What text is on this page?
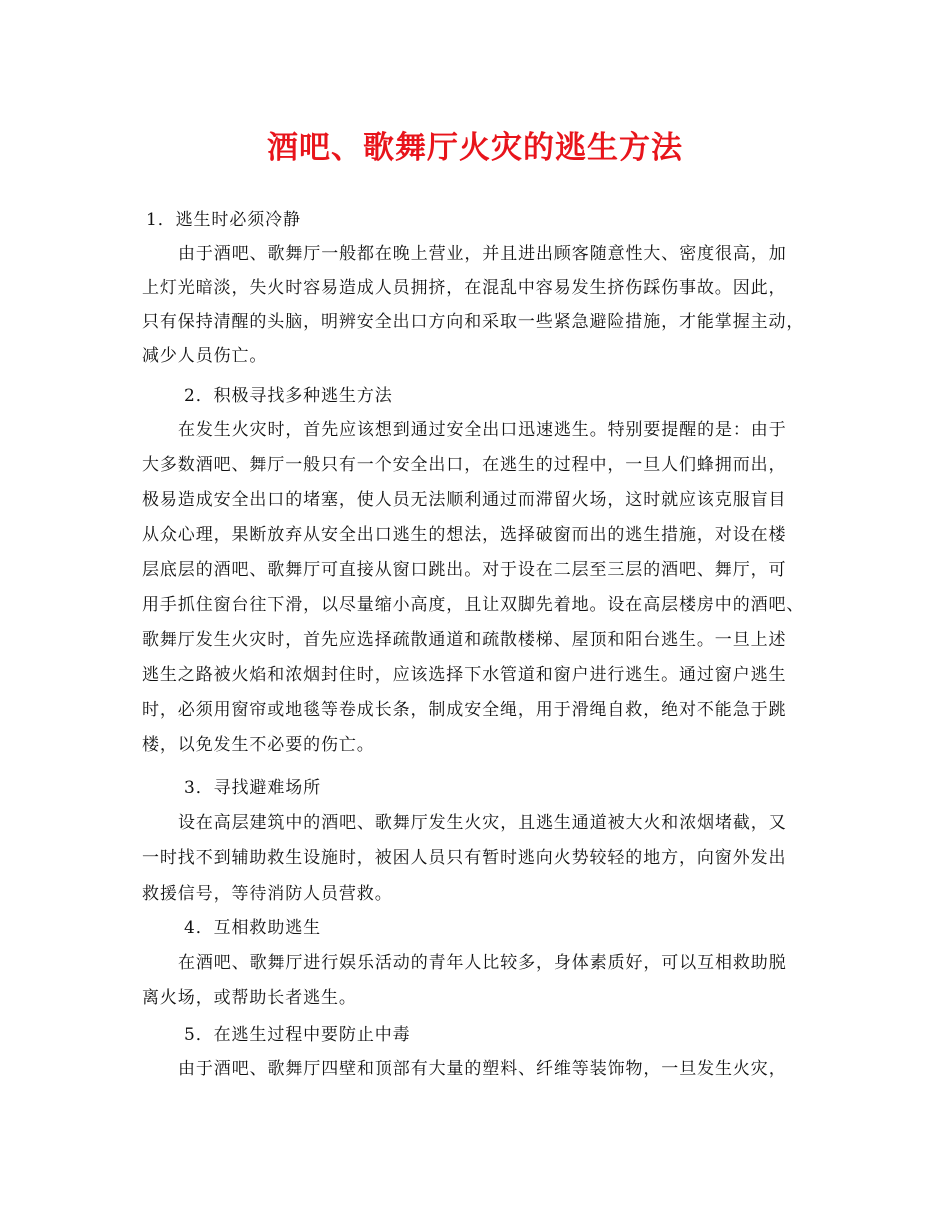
酒吧、歌舞厅火灾的逃生方法
1．逃生时必须冷静
由于酒吧、歌舞厅一般都在晚上营业，并且进出顾客随意性大、密度很高，加
上灯光暗淡，失火时容易造成人员拥挤，在混乱中容易发生挤伤踩伤事故。因此，
只有保持清醒的头脑，明辨安全出口方向和采取一些紧急避险措施，才能掌握主动，
减少人员伤亡。
2．积极寻找多种逃生方法
在发生火灾时，首先应该想到通过安全出口迅速逃生。特别要提醒的是：由于
大多数酒吧、舞厅一般只有一个安全出口，在逃生的过程中，一旦人们蜂拥而出，
极易造成安全出口的堵塞，使人员无法顺利通过而滞留火场，这时就应该克服盲目
从众心理，果断放弃从安全出口逃生的想法，选择破窗而出的逃生措施，对设在楼
层底层的酒吧、歌舞厅可直接从窗口跳出。对于设在二层至三层的酒吧、舞厅，可
用手抓住窗台往下滑，以尽量缩小高度，且让双脚先着地。设在高层楼房中的酒吧、
歌舞厅发生火灾时，首先应选择疏散通道和疏散楼梯、屋顶和阳台逃生。一旦上述
逃生之路被火焰和浓烟封住时，应该选择下水管道和窗户进行逃生。通过窗户逃生
时，必须用窗帘或地毯等卷成长条，制成安全绳，用于滑绳自救，绝对不能急于跳
楼，以免发生不必要的伤亡。
3．寻找避难场所
设在高层建筑中的酒吧、歌舞厅发生火灾，且逃生通道被大火和浓烟堵截，又
一时找不到辅助救生设施时，被困人员只有暂时逃向火势较轻的地方，向窗外发出
救援信号，等待消防人员营救。
4．互相救助逃生
在酒吧、歌舞厅进行娱乐活动的青年人比较多，身体素质好，可以互相救助脱
离火场，或帮助长者逃生。
5．在逃生过程中要防止中毒
由于酒吧、歌舞厅四壁和顶部有大量的塑料、纤维等装饰物，一旦发生火灾，
